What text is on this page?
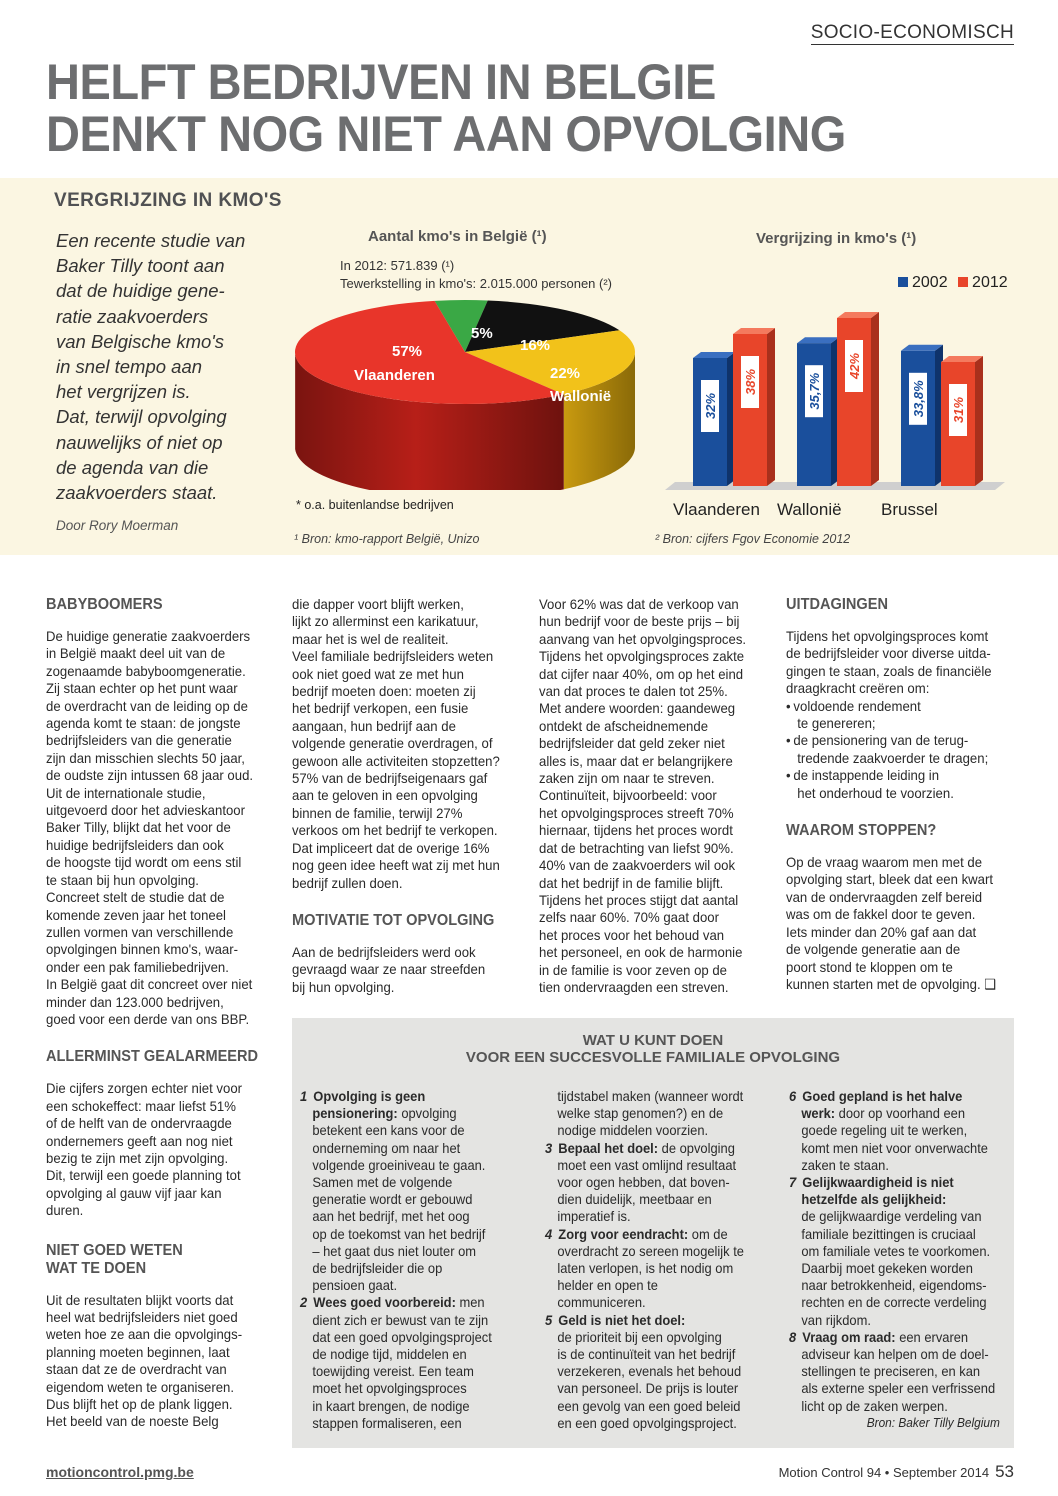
SOCIO-ECONOMISCH
HELFT BEDRIJVEN IN BELGIE
DENKT NOG NIET AAN OPVOLGING
VERGRIJZING IN KMO'S

Een recente studie van

Baker Tilly toont aan

dat de huidige gene-

ratie zaakvoerders

van Belgische kmo's

in snel tempo aan

het vergrijzen is.

Dat, terwijl opvolging

nauwelijks of niet op

de agenda van die

zaakvoerders staat.

Door Rory Moerman
Aantal kmo's in België (¹)
In 2012: 571.839 (¹)
Tewerkstelling in kmo's: 2.015.000 personen (²)
57%
Vlaanderen	22%
Wallonië
16%
5%
* o.a. buitenlandse bedrijven
¹ Bron: kmo-rapport België, Unizo
Vergrijzing in kmo's (¹)
2002 2012
32%
38%	35,7%
42%
33,8% 31%
Vlaanderen Wallonië Brussel
² Bron: cijfers Fgov Economie 2012
BABYBOOMERS

De huidige generatie zaakvoerders

in België maakt deel uit van de

zogenaamde babyboomgeneratie.

Zij staan echter op het punt waar

de overdracht van de leiding op de

agenda komt te staan: de jongste

bedrijfsleiders van die generatie

zijn dan misschien slechts 50 jaar,

de oudste zijn intussen 68 jaar oud.

Uit de internationale studie,

uitgevoerd door het advieskantoor

Baker Tilly, blijkt dat het voor de

huidige bedrijfsleiders dan ook

de hoogste tijd wordt om eens stil

te staan bij hun opvolging.

Concreet stelt de studie dat de

komende zeven jaar het toneel

zullen vormen van verschillende

opvolgingen binnen kmo's, waar-

onder een pak familiebedrijven.

In België gaat dit concreet over niet

minder dan 123.000 bedrijven,

goed voor een derde van ons BBP.

ALLERMINST GEALARMEERD

Die cijfers zorgen echter niet voor

een schokeffect: maar liefst 51%

of de helft van de ondervraagde

ondernemers geeft aan nog niet

bezig te zijn met zijn opvolging.

Dit, terwijl een goede planning tot

opvolging al gauw vijf jaar kan

duren.

NIET GOED WETEN
WAT TE DOEN

Uit de resultaten blijkt voorts dat

heel wat bedrijfsleiders niet goed

weten hoe ze aan die opvolgings-

planning moeten beginnen, laat

staan dat ze de overdracht van

eigendom weten te organiseren.

Dus blijft het op de plank liggen.

Het beeld van de noeste Belg

die dapper voort blijft werken,

lijkt zo allerminst een karikatuur,

maar het is wel de realiteit.

Veel familiale bedrijfsleiders weten

ook niet goed wat ze met hun

bedrijf moeten doen: moeten zij

het bedrijf verkopen, een fusie

aangaan, hun bedrijf aan de

volgende generatie overdragen, of

gewoon alle activiteiten stopzetten?

57% van de bedrijfseigenaars gaf

aan te geloven in een opvolging

binnen de familie, terwijl 27%

verkoos om het bedrijf te verkopen.

Dat impliceert dat de overige 16%

nog geen idee heeft wat zij met hun

bedrijf zullen doen.

MOTIVATIE TOT OPVOLGING

Aan de bedrijfsleiders werd ook

gevraagd waar ze naar streefden

bij hun opvolging.

Voor 62% was dat de verkoop van

hun bedrijf voor de beste prijs – bij

aanvang van het opvolgingsproces.

Tijdens het opvolgingsproces zakte

dat cijfer naar 40%, om op het eind

van dat proces te dalen tot 25%.

Met andere woorden: gaandeweg

ontdekt de afscheidnemende

bedrijfsleider dat geld zeker niet

alles is, maar dat er belangrijkere

zaken zijn om naar te streven.

Continuïteit, bijvoorbeeld: voor

het opvolgingsproces streeft 70%

hiernaar, tijdens het proces wordt

dat de betrachting van liefst 90%.

40% van de zaakvoerders wil ook

dat het bedrijf in de familie blijft.

Tijdens het proces stijgt dat aantal

zelfs naar 60%. 70% gaat door

het proces voor het behoud van

het personeel, en ook de harmonie

in de familie is voor zeven op de

tien ondervraagden een streven.

UITDAGINGEN

Tijdens het opvolgingsproces komt

de bedrijfsleider voor diverse uitda-

gingen te staan, zoals de financiële

draagkracht creëren om:

• voldoende rendement

te genereren;

• de pensionering van de terug-

tredende zaakvoerder te dragen;

• de instappende leiding in

het onderhoud te voorzien.

WAAROM STOPPEN?

Op de vraag waarom men met de

opvolging start, bleek dat een kwart

van de ondervraagden zelf bereid

was om de fakkel door te geven.

Iets minder dan 20% gaf aan dat

de volgende generatie aan de

poort stond te kloppen om te

kunnen starten met de opvolging. ❑

WAT U KUNT DOEN
VOOR EEN SUCCESVOLLE FAMILIALE OPVOLGING

1 Opvolging is geen

pensionering: opvolging

betekent een kans voor de

onderneming om naar het

volgende groeiniveau te gaan.

Samen met de volgende

generatie wordt er gebouwd

aan het bedrijf, met het oog

op de toekomst van het bedrijf

– het gaat dus niet louter om

de bedrijfsleider die op

pensioen gaat.

2 Wees goed voorbereid: men

dient zich er bewust van te zijn

dat een goed opvolgingsproject

de nodige tijd, middelen en

toewijding vereist. Een team

moet het opvolgingsproces

in kaart brengen, de nodige

stappen formaliseren, een

tijdstabel maken (wanneer wordt

welke stap genomen?) en de

nodige middelen voorzien.

3 Bepaal het doel: de opvolging

moet een vast omlijnd resultaat

voor ogen hebben, dat boven-

dien duidelijk, meetbaar en

imperatief is.

4 Zorg voor eendracht: om de

overdracht zo sereen mogelijk te

laten verlopen, is het nodig om

helder en open te

communiceren.

5 Geld is niet het doel:

de prioriteit bij een opvolging

is de continuïteit van het bedrijf

verzekeren, evenals het behoud

van personeel. De prijs is louter

een gevolg van een goed beleid

en een goed opvolgingsproject.

6 Goed gepland is het halve

werk: door op voorhand een

goede regeling uit te werken,

komt men niet voor onverwachte

zaken te staan.

7 Gelijkwaardigheid is niet

hetzelfde als gelijkheid:

de gelijkwaardige verdeling van

familiale bezittingen is cruciaal

om familiale vetes te voorkomen.

Daarbij moet gekeken worden

naar betrokkenheid, eigendoms-

rechten en de correcte verdeling

van rijkdom.

8 Vraag om raad: een ervaren

adviseur kan helpen om de doel-

stellingen te preciseren, en kan

als externe speler een verfrissend

licht op de zaken werpen.

Bron: Baker Tilly Belgium

motioncontrol.pmg.be	Motion Control 94 • September 2014 53
